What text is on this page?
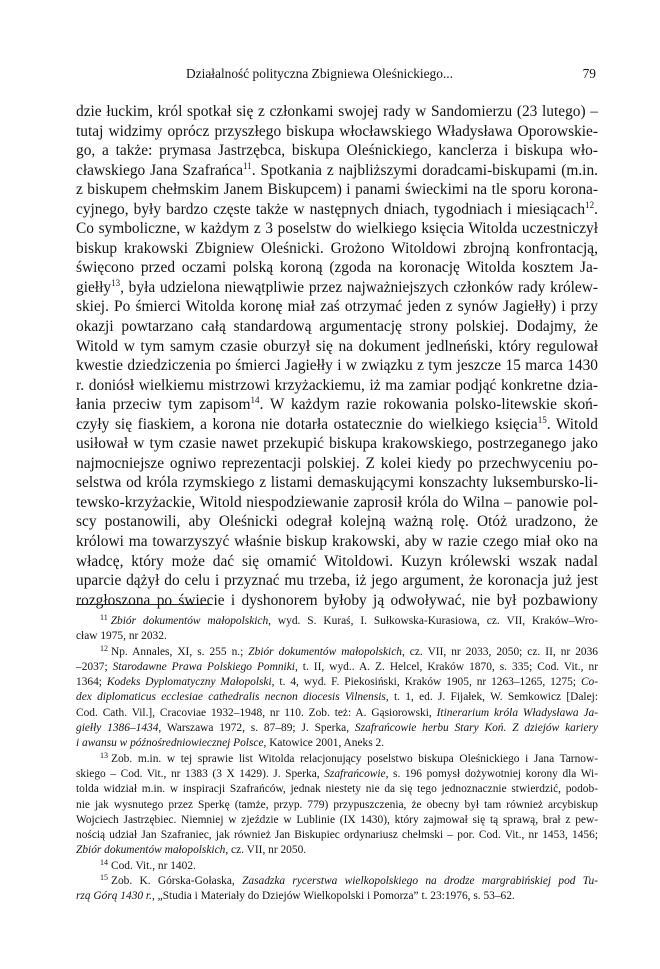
Działalność polityczna Zbigniewa Oleśnickiego...	79
dzie łuckim, król spotkał się z członkami swojej rady w Sandomierzu (23 lutego) –
tutaj widzimy oprócz przyszłego biskupa włocławskiego Władysława Oporowskie-
go, a także: prymasa Jastrzębca, biskupa Oleśnickiego, kanclerza i biskupa wło-
cławskiego Jana Szafrańca$^{11}$. Spotkania z najbliższymi doradcami-biskupami (m.in.
z biskupem chełmskim Janem Biskupcem) i panami świeckimi na tle sporu korona-
cyjnego, były bardzo częste także w następnych dniach, tygodniach i miesiącach$^{12}$.
Co symboliczne, w każdym z 3 poselstw do wielkiego księcia Witolda uczestniczył
biskup krakowski Zbigniew Oleśnicki. Grożono Witoldowi zbrojną konfrontacją,
święcono przed oczami polską koroną (zgoda na koronację Witolda kosztem Ja-
giełły$^{13}$, była udzielona niewątpliwie przez najważniejszych członków rady królew-
skiej. Po śmierci Witolda koronę miał zaś otrzymać jeden z synów Jagiełły) i przy
okazji powtarzano całą standardową argumentację strony polskiej. Dodajmy, że
Witold w tym samym czasie oburzył się na dokument jedlneński, który regulował
kwestie dziedziczenia po śmierci Jagiełły i w związku z tym jeszcze 15 marca 1430
r. doniósł wielkiemu mistrzowi krzyżackiemu, iż ma zamiar podjąć konkretne dzia-
łania przeciw tym zapisom$^{14}$. W każdym razie rokowania polsko-litewskie skoń-
czyły się fiaskiem, a korona nie dotarła ostatecznie do wielkiego księcia$^{15}$. Witold
usiłował w tym czasie nawet przekupić biskupa krakowskiego, postrzeganego jako
najmocniejsze ogniwo reprezentacji polskiej. Z kolei kiedy po przechwyceniu po-
selstwa od króla rzymskiego z listami demaskującymi konszachty luksembursko-li-
tewsko-krzyżackie, Witold niespodziewanie zaprosił króla do Wilna – panowie pol-
scy postanowili, aby Oleśnicki odegrał kolejną ważną rolę. Otóż uradzono, że
królowi ma towarzyszyć właśnie biskup krakowski, aby w razie czego miał oko na
władcę, który może dać się omamić Witoldowi. Kuzyn królewski wszak nadal
uparcie dążył do celu i przyznać mu trzeba, iż jego argument, że koronacja już jest
rozgłoszona po świecie i dyshonorem byłoby ją odwoływać, nie był pozbawiony
$^{11}$ Zbiór dokumentów małopolskich, wyd. S. Kuraś, I. Sułkowska-Kurasiowa, cz. VII, Kraków–Wro-
cław 1975, nr 2032.
$^{12}$ Np. Annales, XI, s. 255 n.; Zbiór dokumentów małopolskich, cz. VII, nr 2033, 2050; cz. II, nr 2036
–2037; Starodawne Prawa Polskiego Pomniki, t. II, wyd.. A. Z. Helcel, Kraków 1870, s. 335; Cod. Vit., nr
1364; Kodeks Dyplomatyczny Małopolski, t. 4, wyd. F. Piekosiński, Kraków 1905, nr 1263–1265, 1275; Co-
dex diplomaticus ecclesiae cathedralis necnon diocesis Vilnensis, t. 1, ed. J. Fijałek, W. Semkowicz [Dalej:
Cod. Cath. Vil.], Cracoviae 1932–1948, nr 110. Zob. też: A. Gąsiorowski, Itinerarium króla Władysława Ja-
giełły 1386–1434, Warszawa 1972, s. 87–89; J. Sperka, Szafrańcowie herbu Stary Koń. Z dziejów kariery
i awansu w późnośredniowiecznej Polsce, Katowice 2001, Aneks 2.
$^{13}$ Zob. m.in. w tej sprawie list Witolda relacjonujący poselstwo biskupa Oleśnickiego i Jana Tarnow-
skiego – Cod. Vit., nr 1383 (3 X 1429). J. Sperka, Szafrańcowie, s. 196 pomysł dożywotniej korony dla Wi-
tolda widział m.in. w inspiracji Szafrańców, jednak niestety nie da się tego jednoznacznie stwierdzić, podob-
nie jak wysnutego przez Sperkę (tamże, przyp. 779) przypuszczenia, że obecny był tam również arcybiskup
Wojciech Jastrzębiec. Niemniej w zjeździe w Lublinie (IX 1430), który zajmował się tą sprawą, brał z pew-
nością udział Jan Szafraniec, jak również Jan Biskupiec ordynariusz chełmski – por. Cod. Vit., nr 1453, 1456;
Zbiór dokumentów małopolskich, cz. VII, nr 2050.
$^{14}$ Cod. Vit., nr 1402.
$^{15}$ Zob. K. Górska-Gołaska, Zasadzka rycerstwa wielkopolskiego na drodze margrabińskiej pod Tu-
rzą Górą 1430 r., „Studia i Materiały do Dziejów Wielkopolski i Pomorza” t. 23:1976, s. 53–62.
